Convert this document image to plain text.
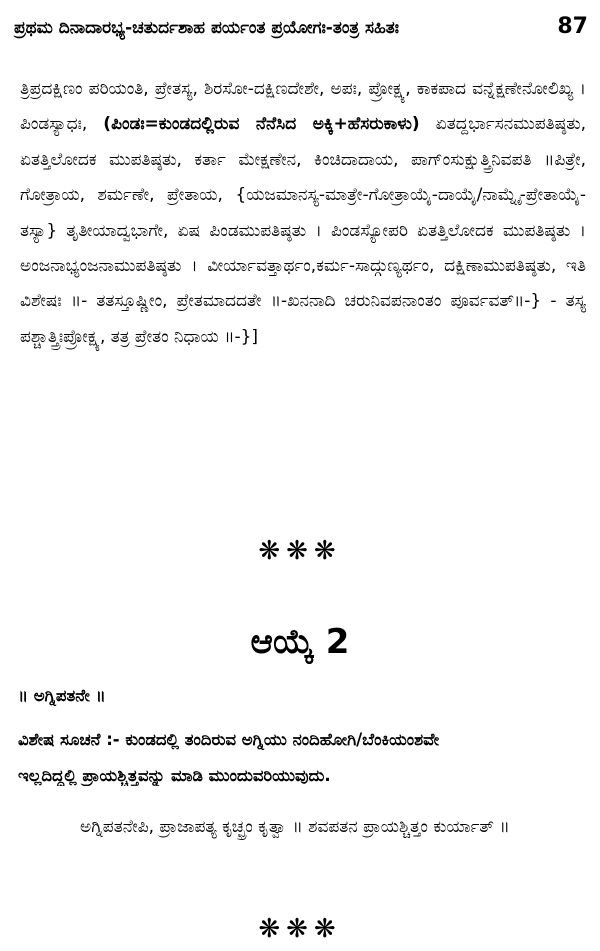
ಪ್ರಥಮ ದಿನಾದಾರಭ್ಯ-ಚತುರ್ದಶಾಹ ಪರ್ಯಂತ ಪ್ರಯೋಗಃ-ತಂತ್ರ ಸಹಿತಃ	87

ತ್ರಿಪ್ರದಕ್ಷಿಣಂ ಪರಿಯಂತಿ, ಪ್ರೇತಸ್ಯ, ಶಿರಸೋ-ದಕ್ಷಿಣದೇಶೇ, ಅಪಃ, ಪ್ರೋಕ್ಷ್ಯ, ಕಾಕಪಾದ ವನ್ನೆಕ್ಷಣೇನೋಲಿಖ್ಯ । ಪಿಂಡಸ್ಯಾಧಃ, (ಪಿಂಡಃ=ಕುಂಡದಲ್ಲಿರುವ ನೆನೆಸಿದ ಅಕ್ಕಿ+ಹೆಸರುಕಾಳು) ಏತದ್ದರ್ಭಾಸನಮುಪತಿಷ್ಠತು, ಏತತ್ತಿಲೋದಕ ಮುಪತಿಷ್ಠತು, ಕರ್ತಾ ಮೇಕ್ಷಣೇನ, ಕಿಂಚಿದಾದಾಯ, ಪಾಗ್ಂಸುಕ್ಷುತ್ತ್ರಿನಿವಪತಿ ॥ಪಿತ್ರೇ, ಗೋತ್ರಾಯ, ಶರ್ಮಣೇ, ಪ್ರೇತಾಯ, {ಯಜಮಾನಸ್ಯ-ಮಾತ್ರೇ-ಗೋತ್ರಾಯೈ-ದಾಯೈ/ನಾಮ್ನೈ-ಪ್ರೇತಾಯೈ-ತಸ್ಯಾ} ತೃತೀಯಾದ್ವಭಾಗೇ, ಏಷ ಪಿಂಡಮುಪತಿಷ್ಠತು । ಪಿಂಡಸ್ಯೋಪರಿ ಏತತ್ತಿಲೋದಕ ಮುಪತಿಷ್ಠತು । ಅಂಜನಾಭ್ಯಂಜನಾಮುಪತಿಷ್ಠತು । ವೀರ್ಯಾವತ್ತಾರ್ಥಂ,ಕರ್ಮ-ಸಾದ್ಗುಣ್ಯರ್ಥಂ, ದಕ್ಷಿಣಾಮುಪತಿಷ್ಠತು, ಇತಿ ವಿಶೇಷಃ ॥- ತತಸ್ತೂಷ್ಣೀಂ, ಪ್ರೇತಮಾದದತೇ ॥-ಖನನಾದಿ ಚರುನಿವಪನಾಂತಂ ಪೂರ್ವವತ್॥-} - ತಸ್ಯ ಪಶ್ಚಾತ್ತ್ರಿಃಪ್ರೋಕ್ಷ್ಯ, ತತ್ರ ಪ್ರೇತಂ ನಿಧಾಯ ॥-}]

❋❋❋
ಆಯ್ಕೆ 2
॥ ಅಗ್ನಿಪತನೇ ॥
ವಿಶೇಷ ಸೂಚನೆ :- ಕುಂಡದಲ್ಲಿ ತಂದಿರುವ ಅಗ್ನಿಯು ನಂದಿಹೋಗಿ/ಬೆಂಕಿಯಂಶವೇ
ಇಲ್ಲದಿದ್ದಲ್ಲಿ ಪ್ರಾಯಶ್ಚಿತ್ತವನ್ನು ಮಾಡಿ ಮುಂದುವರಿಯುವುದು.

ಅಗ್ನಿಪತನೇಪಿ, ಪ್ರಾಜಾಪತ್ಯ ಕೃಚ್ಛ್ರಂ ಕೃತ್ವಾ ॥ ಶವಪತನ ಪ್ರಾಯಶ್ಚಿತ್ತಂ ಕುರ್ಯಾತ್ ॥

❋❋❋
